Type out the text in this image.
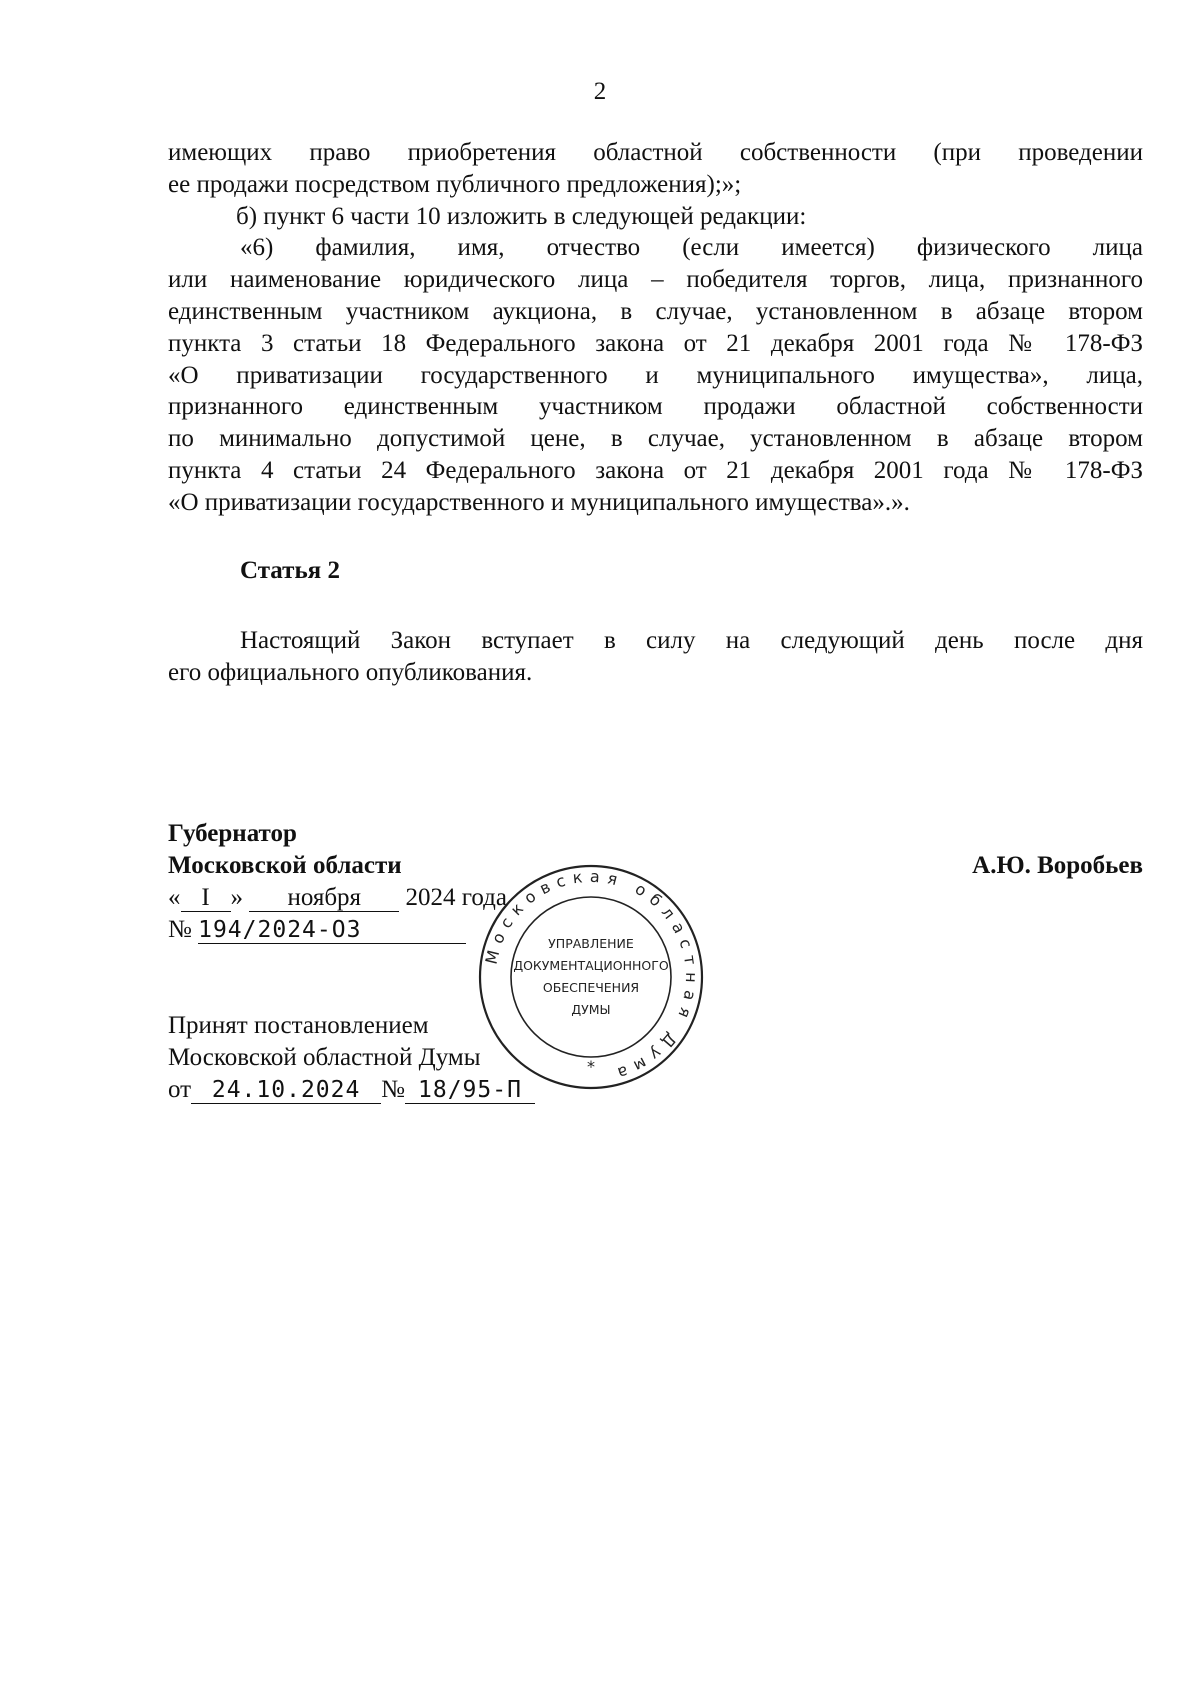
2

имеющих право приобретения областной собственности (при проведении

ее продажи посредством публичного предложения);»;

б) пункт 6 части 10 изложить в следующей редакции:

«6) фамилия, имя, отчество (если имеется) физического лица

или наименование юридического лица – победителя торгов, лица, признанного

единственным участником аукциона, в случае, установленном в абзаце втором

пункта 3 статьи 18 Федерального закона от 21 декабря 2001 года № 178-ФЗ

«О приватизации государственного и муниципального имущества», лица,

признанного единственным участником продажи областной собственности

по минимально допустимой цене, в случае, установленном в абзаце втором

пункта 4 статьи 24 Федерального закона от 21 декабря 2001 года № 178-ФЗ

«О приватизации государственного и муниципального имущества».».

Статья 2

Настоящий Закон вступает в силу на следующий день после дня

его официального опубликования.

Губернатор
Московской области
« I » ноября 2024 года
№ 194/2024-ОЗ
А.Ю. Воробьев
Принят постановлением
Московской областной Думы
от 24.10.2024 № 18/95-П
Московская областная Дума
УПРАВЛЕНИЕ
ДОКУМЕНТАЦИОННОГО
ОБЕСПЕЧЕНИЯ
ДУМЫ
*
